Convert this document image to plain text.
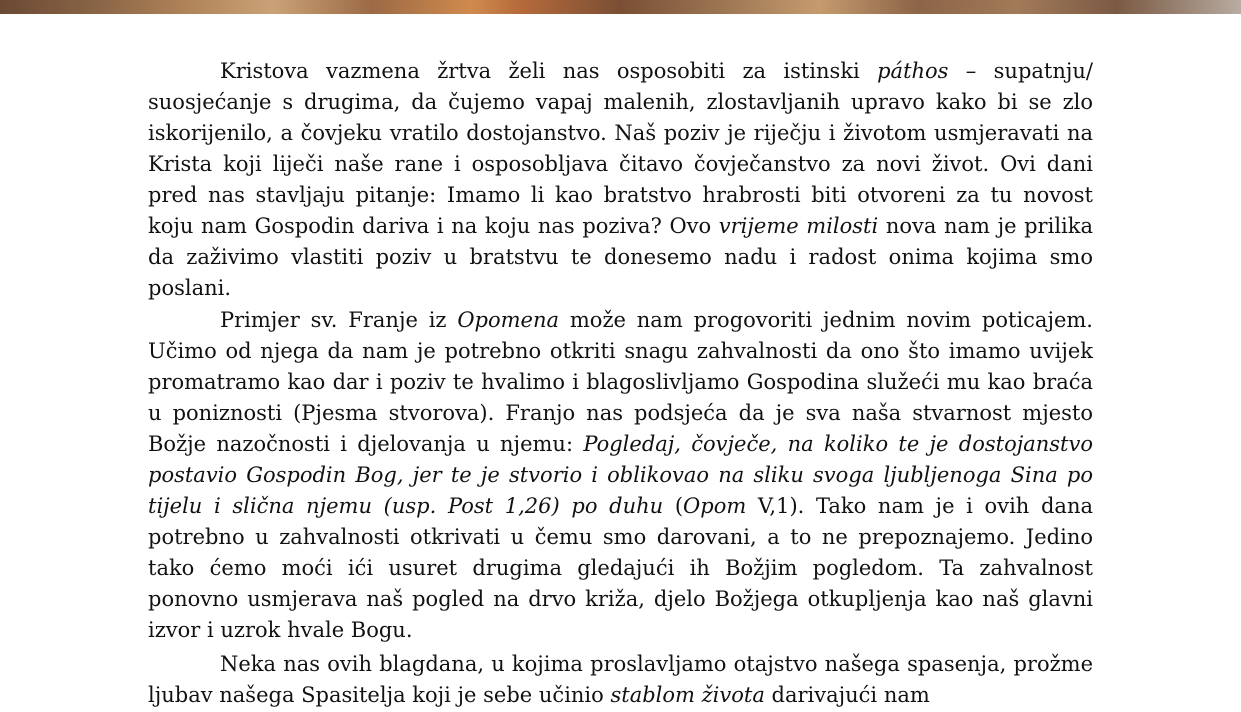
Kristova vazmena žrtva želi nas osposobiti za istinski páthos – supatnju/ suosjećanje s drugima, da čujemo vapaj malenih, zlostavljanih upravo kako bi se zlo iskorijenilo, a čovjeku vratilo dostojanstvo. Naš poziv je riječju i životom usmjeravati na Krista koji liječi naše rane i osposobljava čitavo čovječanstvo za novi život. Ovi dani pred nas stavljaju pitanje: Imamo li kao bratstvo hrabrosti biti otvoreni za tu novost koju nam Gospodin dariva i na koju nas poziva? Ovo vrijeme milosti nova nam je prilika da zaživimo vlastiti poziv u bratstvu te donesemo nadu i radost onima kojima smo poslani.

Primjer sv. Franje iz Opomena može nam progovoriti jednim novim poticajem. Učimo od njega da nam je potrebno otkriti snagu zahvalnosti da ono što imamo uvijek promatramo kao dar i poziv te hvalimo i blagoslivljamo Gospodina služeći mu kao braća u poniznosti (Pjesma stvorova). Franjo nas podsjeća da je sva naša stvarnost mjesto Božje nazočnosti i djelovanja u njemu: Pogledaj, čovječe, na koliko te je dostojanstvo postavio Gospodin Bog, jer te je stvorio i oblikovao na sliku svoga ljubljenoga Sina po tijelu i slična njemu (usp. Post 1,26) po duhu (Opom V,1). Tako nam je i ovih dana potrebno u zahvalnosti otkrivati u čemu smo darovani, a to ne prepoznajemo. Jedino tako ćemo moći ići usuret drugima gledajući ih Božjim pogledom. Ta zahvalnost ponovno usmjerava naš pogled na drvo križa, djelo Božjega otkupljenja kao naš glavni izvor i uzrok hvale Bogu.

Neka nas ovih blagdana, u kojima proslavljamo otajstvo našega spasenja, prožme ljubav našega Spasitelja koji je sebe učinio stablom života darivajući nam
